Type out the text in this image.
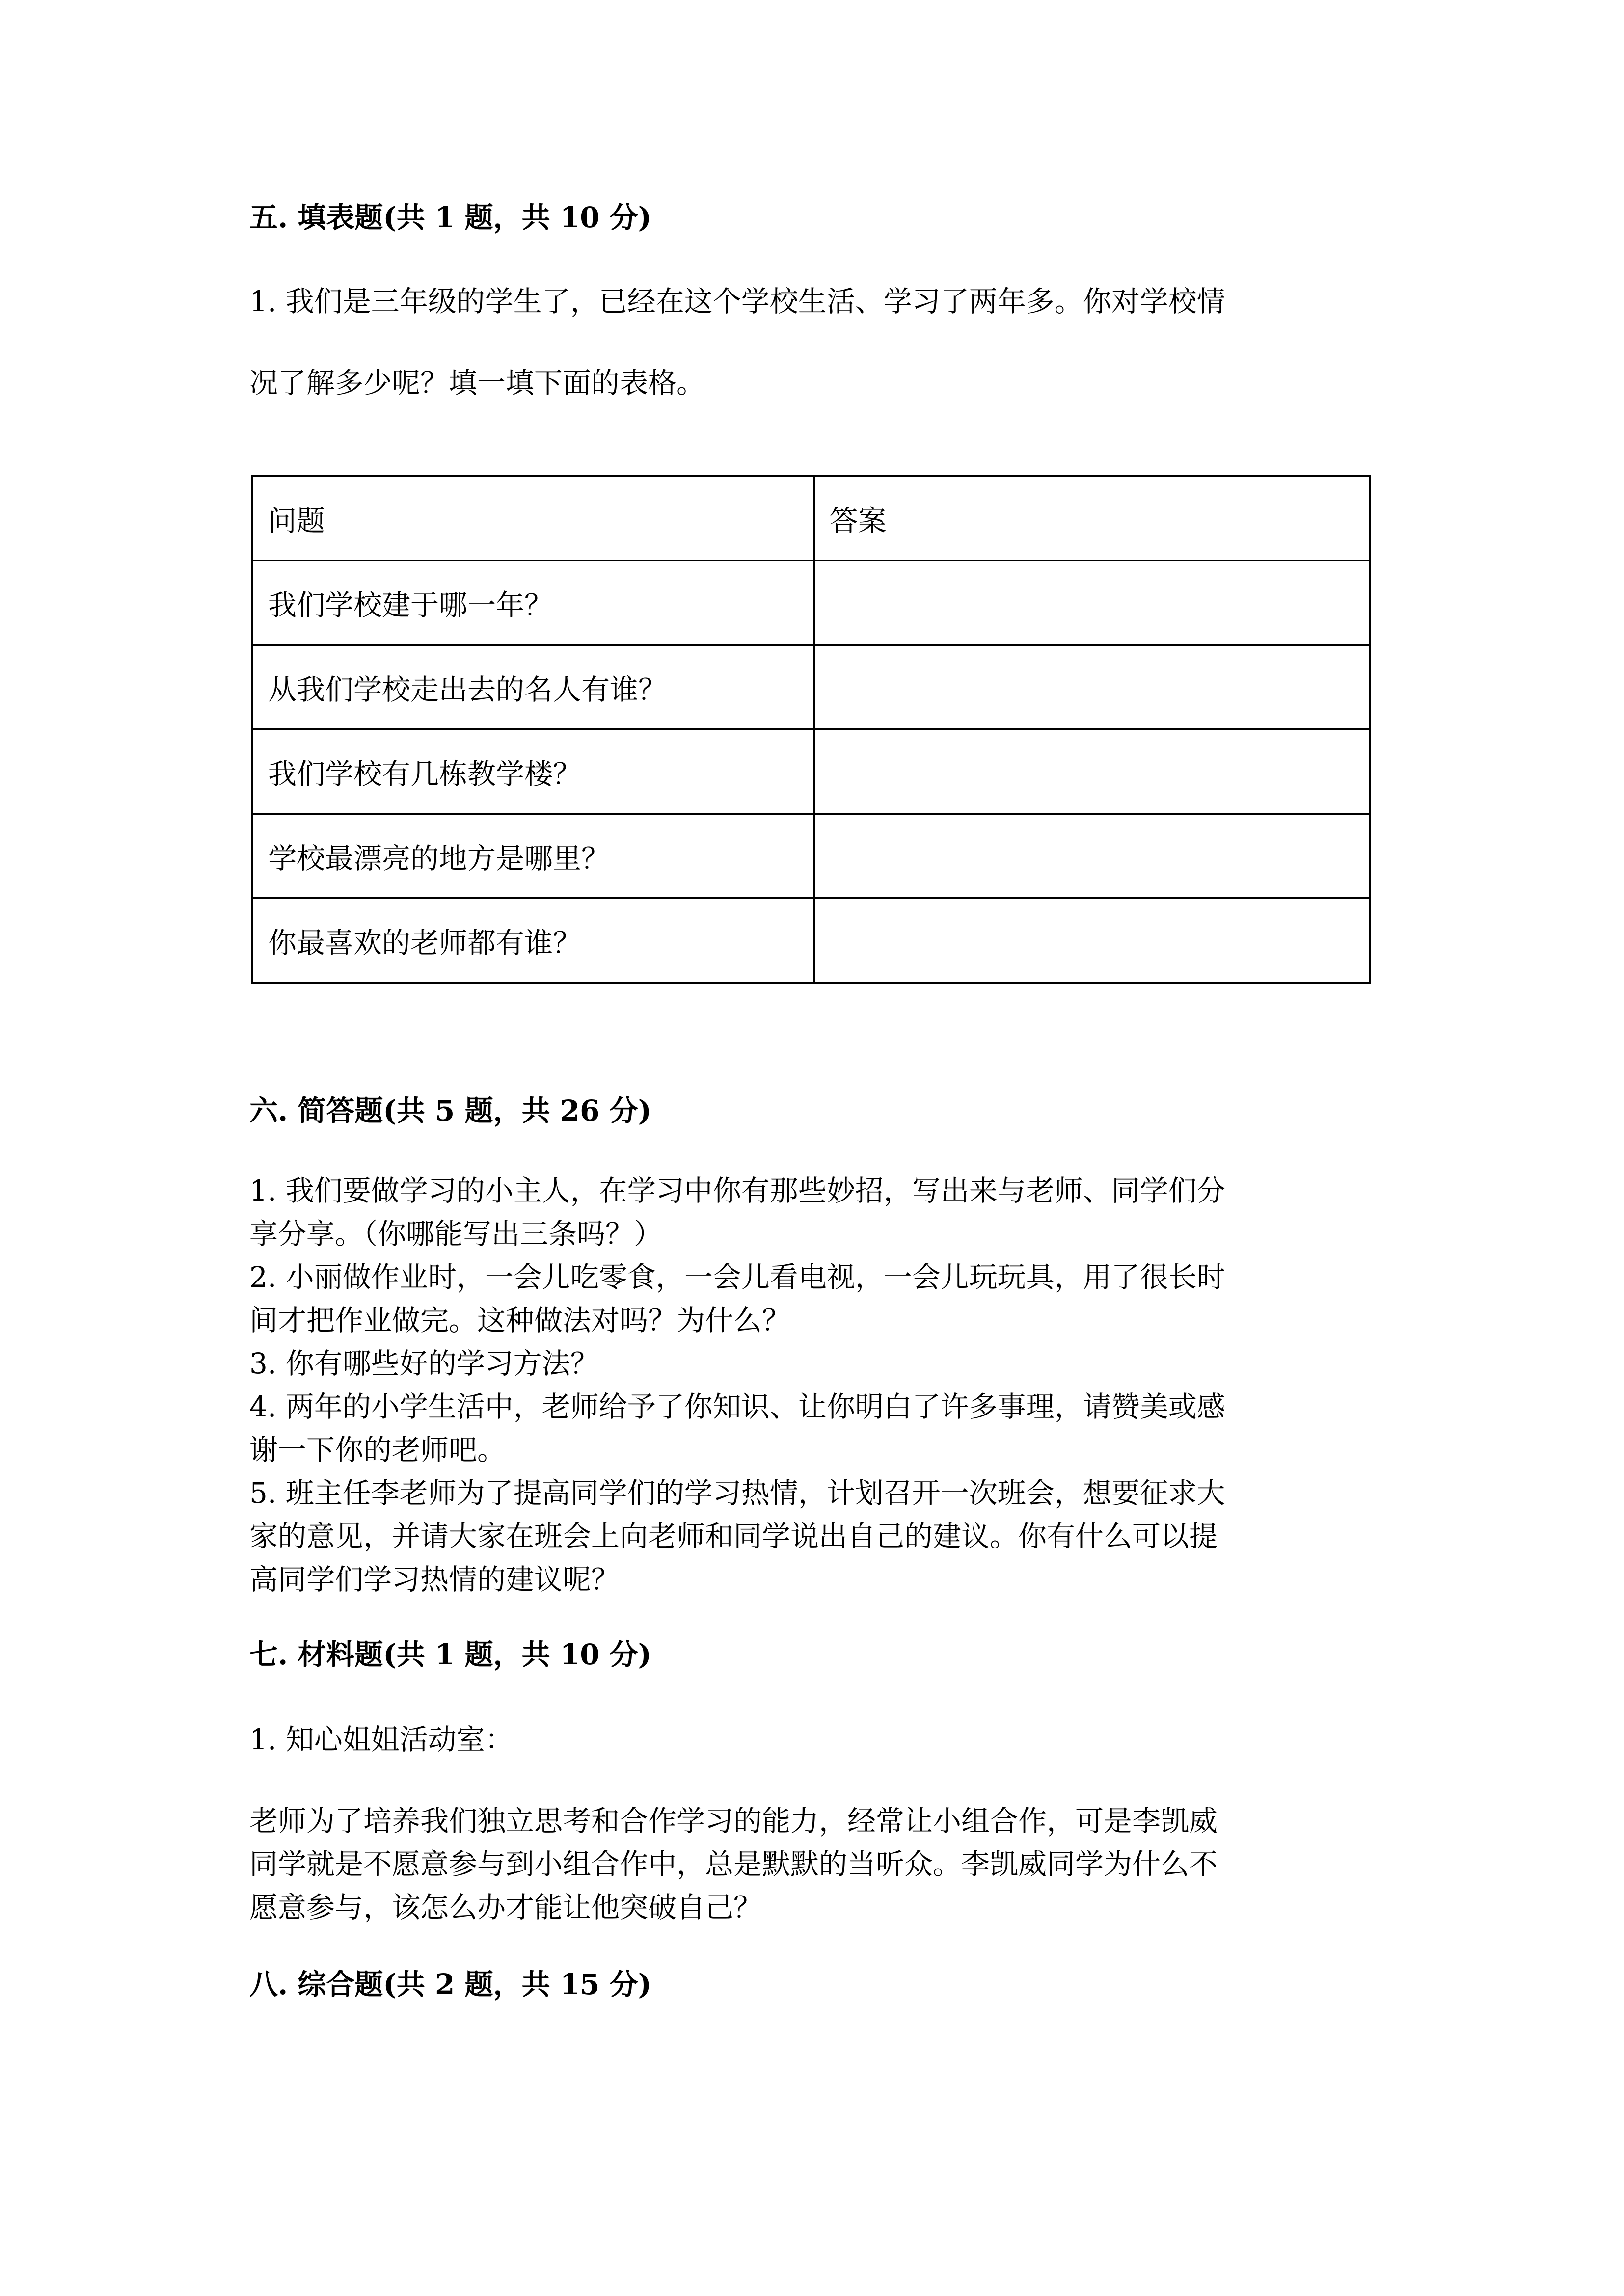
五. 填表题(共 1 题，共 10 分)
1. 我们是三年级的学生了，已经在这个学校生活、学习了两年多。你对学校情
况了解多少呢？填一填下面的表格。
问题	答案
我们学校建于哪一年？	
从我们学校走出去的名人有谁？	
我们学校有几栋教学楼？	
学校最漂亮的地方是哪里？	
你最喜欢的老师都有谁？	
六. 简答题(共 5 题，共 26 分)
1. 我们要做学习的小主人，在学习中你有那些妙招，写出来与老师、同学们分
享分享。（你哪能写出三条吗？）
2. 小丽做作业时，一会儿吃零食，一会儿看电视，一会儿玩玩具，用了很长时
间才把作业做完。这种做法对吗？为什么？
3. 你有哪些好的学习方法？
4. 两年的小学生活中，老师给予了你知识、让你明白了许多事理，请赞美或感
谢一下你的老师吧。
5. 班主任李老师为了提高同学们的学习热情，计划召开一次班会，想要征求大
家的意见，并请大家在班会上向老师和同学说出自己的建议。你有什么可以提
高同学们学习热情的建议呢？
七. 材料题(共 1 题，共 10 分)
1. 知心姐姐活动室：
老师为了培养我们独立思考和合作学习的能力，经常让小组合作，可是李凯威
同学就是不愿意参与到小组合作中，总是默默的当听众。李凯威同学为什么不
愿意参与，该怎么办才能让他突破自己？
八. 综合题(共 2 题，共 15 分)
